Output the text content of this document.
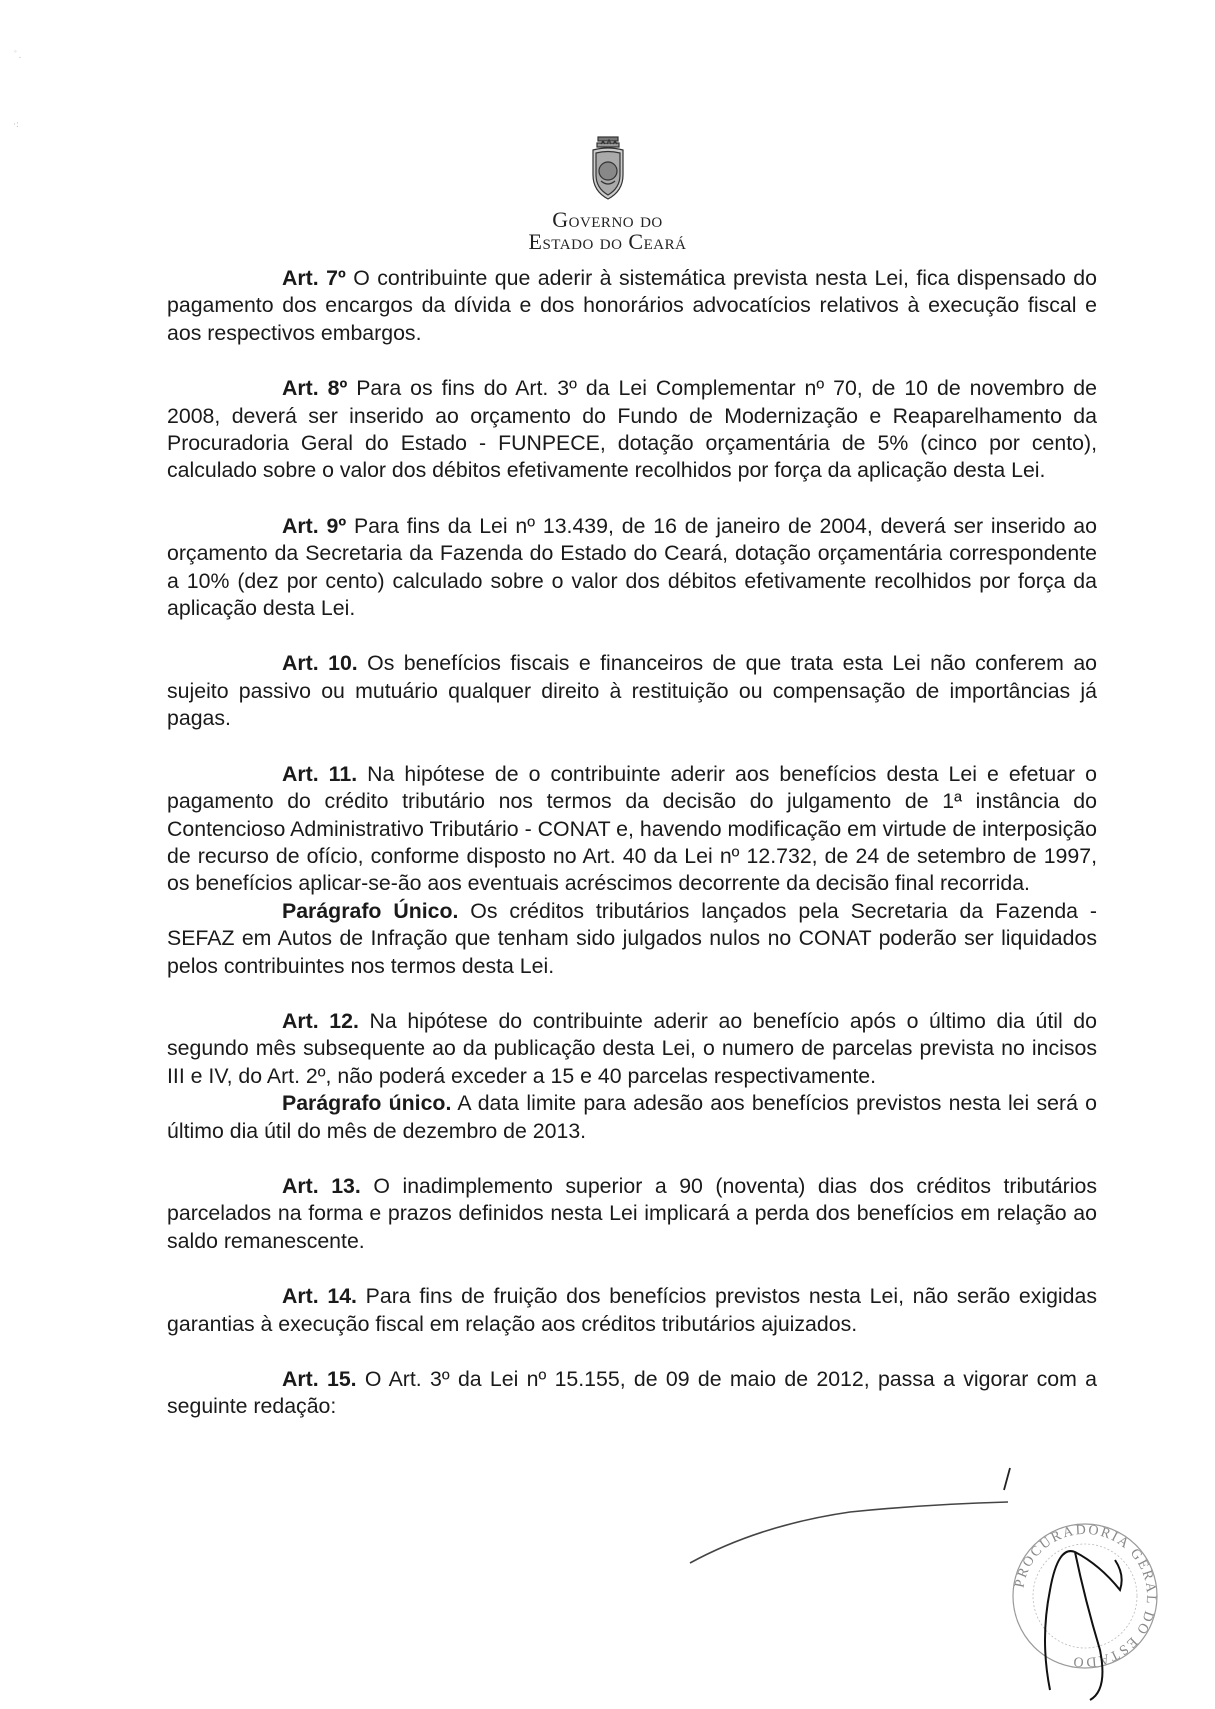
ﾟ.
·:
Governo do
Estado do Ceará

Art. 7º O contribuinte que aderir à sistemática prevista nesta Lei, fica dispensado do pagamento dos encargos da dívida e dos honorários advocatícios relativos à execução fiscal e aos respectivos embargos.

Art. 8º Para os fins do Art. 3º da Lei Complementar nº 70, de 10 de novembro de 2008, deverá ser inserido ao orçamento do Fundo de Modernização e Reaparelhamento da Procuradoria Geral do Estado - FUNPECE, dotação orçamentária de 5% (cinco por cento), calculado sobre o valor dos débitos efetivamente recolhidos por força da aplicação desta Lei.

Art. 9º Para fins da Lei nº 13.439, de 16 de janeiro de 2004, deverá ser inserido ao orçamento da Secretaria da Fazenda do Estado do Ceará, dotação orçamentária correspondente a 10% (dez por cento) calculado sobre o valor dos débitos efetivamente recolhidos por força da aplicação desta Lei.

Art. 10. Os benefícios fiscais e financeiros de que trata esta Lei não conferem ao sujeito passivo ou mutuário qualquer direito à restituição ou compensação de importâncias já pagas.

Art. 11. Na hipótese de o contribuinte aderir aos benefícios desta Lei e efetuar o pagamento do crédito tributário nos termos da decisão do julgamento de 1ª instância do Contencioso Administrativo Tributário - CONAT e, havendo modificação em virtude de interposição de recurso de ofício, conforme disposto no Art. 40 da Lei nº 12.732, de 24 de setembro de 1997, os benefícios aplicar-se-ão aos eventuais acréscimos decorrente da decisão final recorrida.

Parágrafo Único. Os créditos tributários lançados pela Secretaria da Fazenda - SEFAZ em Autos de Infração que tenham sido julgados nulos no CONAT poderão ser liquidados pelos contribuintes nos termos desta Lei.

Art. 12. Na hipótese do contribuinte aderir ao benefício após o último dia útil do segundo mês subsequente ao da publicação desta Lei, o numero de parcelas prevista no incisos III e IV, do Art. 2º, não poderá exceder a 15 e 40 parcelas respectivamente.

Parágrafo único. A data limite para adesão aos benefícios previstos nesta lei será o último dia útil do mês de dezembro de 2013.

Art. 13. O inadimplemento superior a 90 (noventa) dias dos créditos tributários parcelados na forma e prazos definidos nesta Lei implicará a perda dos benefícios em relação ao saldo remanescente.

Art. 14. Para fins de fruição dos benefícios previstos nesta Lei, não serão exigidas garantias à execução fiscal em relação aos créditos tributários ajuizados.

Art. 15. O Art. 3º da Lei nº 15.155, de 09 de maio de 2012, passa a vigorar com a seguinte redação:

PROCURADORIA GERAL DO ESTADO
